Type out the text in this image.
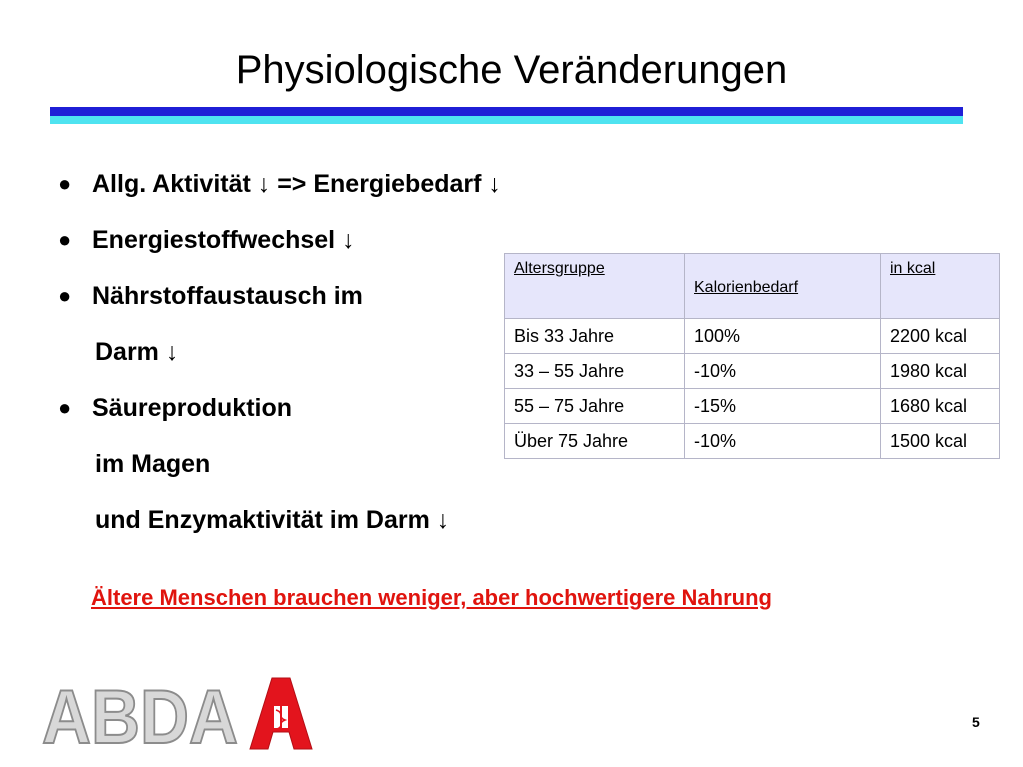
Physiologische Veränderungen
● Allg. Aktivität ↓ => Energiebedarf ↓
● Energiestoffwechsel ↓
● Nährstoffaustausch im
Darm ↓
● Säureproduktion
im Magen
und Enzymaktivität im Darm ↓
Altersgruppe	Kalorienbedarf	in kcal
Bis 33 Jahre	100%	2200 kcal
33 – 55 Jahre	-10%	1980 kcal
55 – 75 Jahre	-15%	1680 kcal
Über 75 Jahre	-10%	1500 kcal
Ältere Menschen brauchen weniger, aber hochwertigere Nahrung
ABDA	5
